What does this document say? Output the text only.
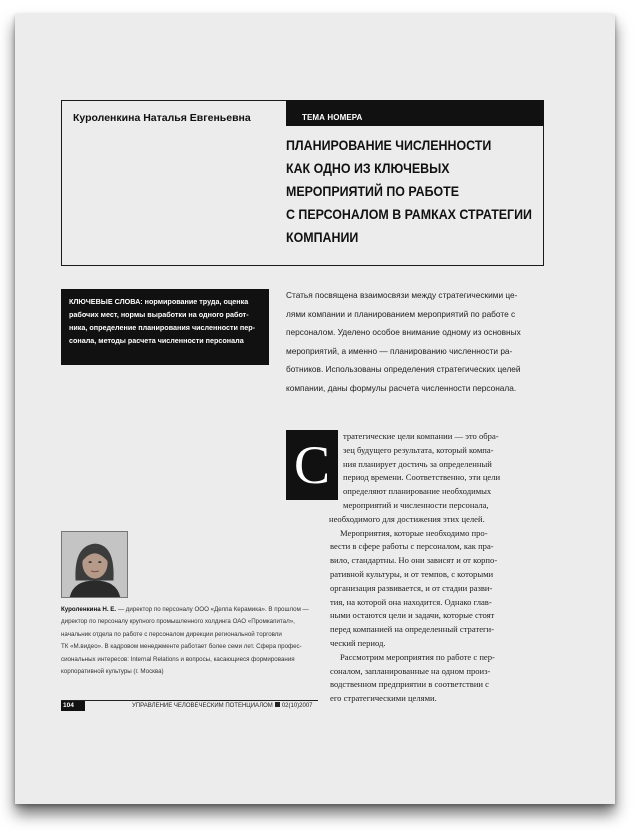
Куроленкина Наталья Евгеньевна	ТЕМА НОМЕРА
ПЛАНИРОВАНИЕ ЧИСЛЕННОСТИ
КАК ОДНО ИЗ КЛЮЧЕВЫХ
МЕРОПРИЯТИЙ ПО РАБОТЕ
С ПЕРСОНАЛОМ В РАМКАХ СТРАТЕГИИ
КОМПАНИИ
КЛЮЧЕВЫЕ СЛОВА: нормирование труда, оценка
рабочих мест, нормы выработки на одного работ-
ника, определение планирования численности пер-
сонала, методы расчета численности персонала
Статья посвящена взаимосвязи между стратегическими це-
лями компании и планированием мероприятий по работе с
персоналом. Уделено особое внимание одному из основных
мероприятий, а именно — планированию численности ра-
ботников. Использованы определения стратегических целей
компании, даны формулы расчета численности персонала.
С	тратегические цели компании — это обра-
зец будущего результата, который компа-
ния планирует достичь за определенный
период времени. Соответственно, эти цели
определяют планирование необходимых
мероприятий и численности персонала,
необходимого для достижения этих целей.
Мероприятия, которые необходимо про-
вести в сфере работы с персоналом, как пра-
вило, стандартны. Но они зависят и от корпо-
ративной культуры, и от темпов, с которыми
организация развивается, и от стадии разви-
тия, на которой она находится. Однако глав-
ными остаются цели и задачи, которые стоят
перед компанией на определенный стратеги-
ческий период.
Рассмотрим мероприятия по работе с пер-
соналом, запланированные на одном произ-
водственном предприятии в соответствии с
его стратегическими целями.
Куроленкина Н. Е. — директор по персоналу ООО «Делпа Керамика». В прошлом —
директор по персоналу крупного промышленного холдинга ОАО «Промкапитал»,
начальник отдела по работе с персоналом дирекции региональной торговли
ТК «М.видео». В кадровом менеджменте работает более семи лет. Сфера профес-
сиональных интересов: Internal Relations и вопросы, касающиеся формирования
корпоративной культуры (г. Москва)
104	УПРАВЛЕНИЕ ЧЕЛОВЕЧЕСКИМ ПОТЕНЦИАЛОМ 02(10)2007
